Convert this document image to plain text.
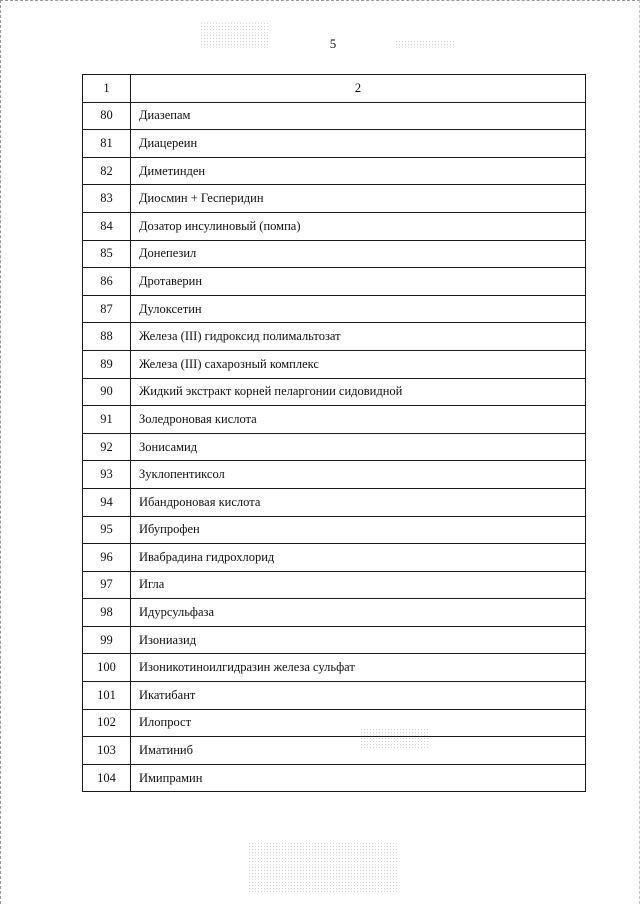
5
1	2
80	Диазепам
81	Диацереин
82	Диметинден
83	Диосмин + Гесперидин
84	Дозатор инсулиновый (помпа)
85	Донепезил
86	Дротаверин
87	Дулоксетин
88	Железа (III) гидроксид полимальтозат
89	Железа (III) сахарозный комплекс
90	Жидкий экстракт корней пеларгонии сидовидной
91	Золедроновая кислота
92	Зонисамид
93	Зуклопентиксол
94	Ибандроновая кислота
95	Ибупрофен
96	Ивабрадина гидрохлорид
97	Игла
98	Идурсульфаза
99	Изониазид
100	Изоникотиноилгидразин железа сульфат
101	Икатибант
102	Илопрост
103	Иматиниб
104	Имипрамин
